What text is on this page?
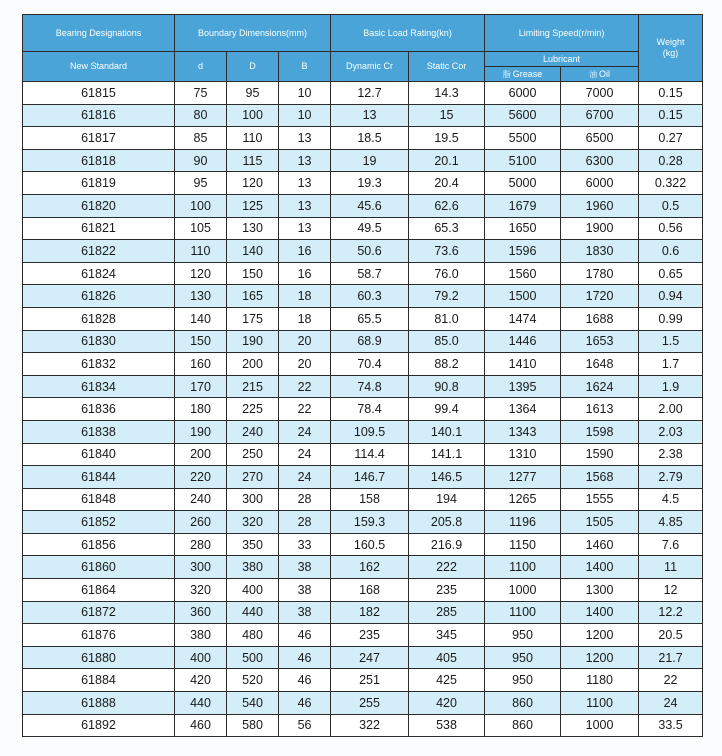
Bearing Designations	Boundary Dimensions(mm)			Basic Load Rating(kn)		Limiting Speed(r/min)		Weight
(kg)
New Standard	d	D	B	Dynamic Cr	Static Cor	Lubricant		
						脂 Grease	油 Oil	
61815	75	95	10	12.7	14.3	6000	7000	0.15
61816	80	100	10	13	15	5600	6700	0.15
61817	85	110	13	18.5	19.5	5500	6500	0.27
61818	90	115	13	19	20.1	5100	6300	0.28
61819	95	120	13	19.3	20.4	5000	6000	0.322
61820	100	125	13	45.6	62.6	1679	1960	0.5
61821	105	130	13	49.5	65.3	1650	1900	0.56
61822	110	140	16	50.6	73.6	1596	1830	0.6
61824	120	150	16	58.7	76.0	1560	1780	0.65
61826	130	165	18	60.3	79.2	1500	1720	0.94
61828	140	175	18	65.5	81.0	1474	1688	0.99
61830	150	190	20	68.9	85.0	1446	1653	1.5
61832	160	200	20	70.4	88.2	1410	1648	1.7
61834	170	215	22	74.8	90.8	1395	1624	1.9
61836	180	225	22	78.4	99.4	1364	1613	2.00
61838	190	240	24	109.5	140.1	1343	1598	2.03
61840	200	250	24	114.4	141.1	1310	1590	2.38
61844	220	270	24	146.7	146.5	1277	1568	2.79
61848	240	300	28	158	194	1265	1555	4.5
61852	260	320	28	159.3	205.8	1196	1505	4.85
61856	280	350	33	160.5	216.9	1150	1460	7.6
61860	300	380	38	162	222	1100	1400	11
61864	320	400	38	168	235	1000	1300	12
61872	360	440	38	182	285	1100	1400	12.2
61876	380	480	46	235	345	950	1200	20.5
61880	400	500	46	247	405	950	1200	21.7
61884	420	520	46	251	425	950	1180	22
61888	440	540	46	255	420	860	1100	24
61892	460	580	56	322	538	860	1000	33.5
